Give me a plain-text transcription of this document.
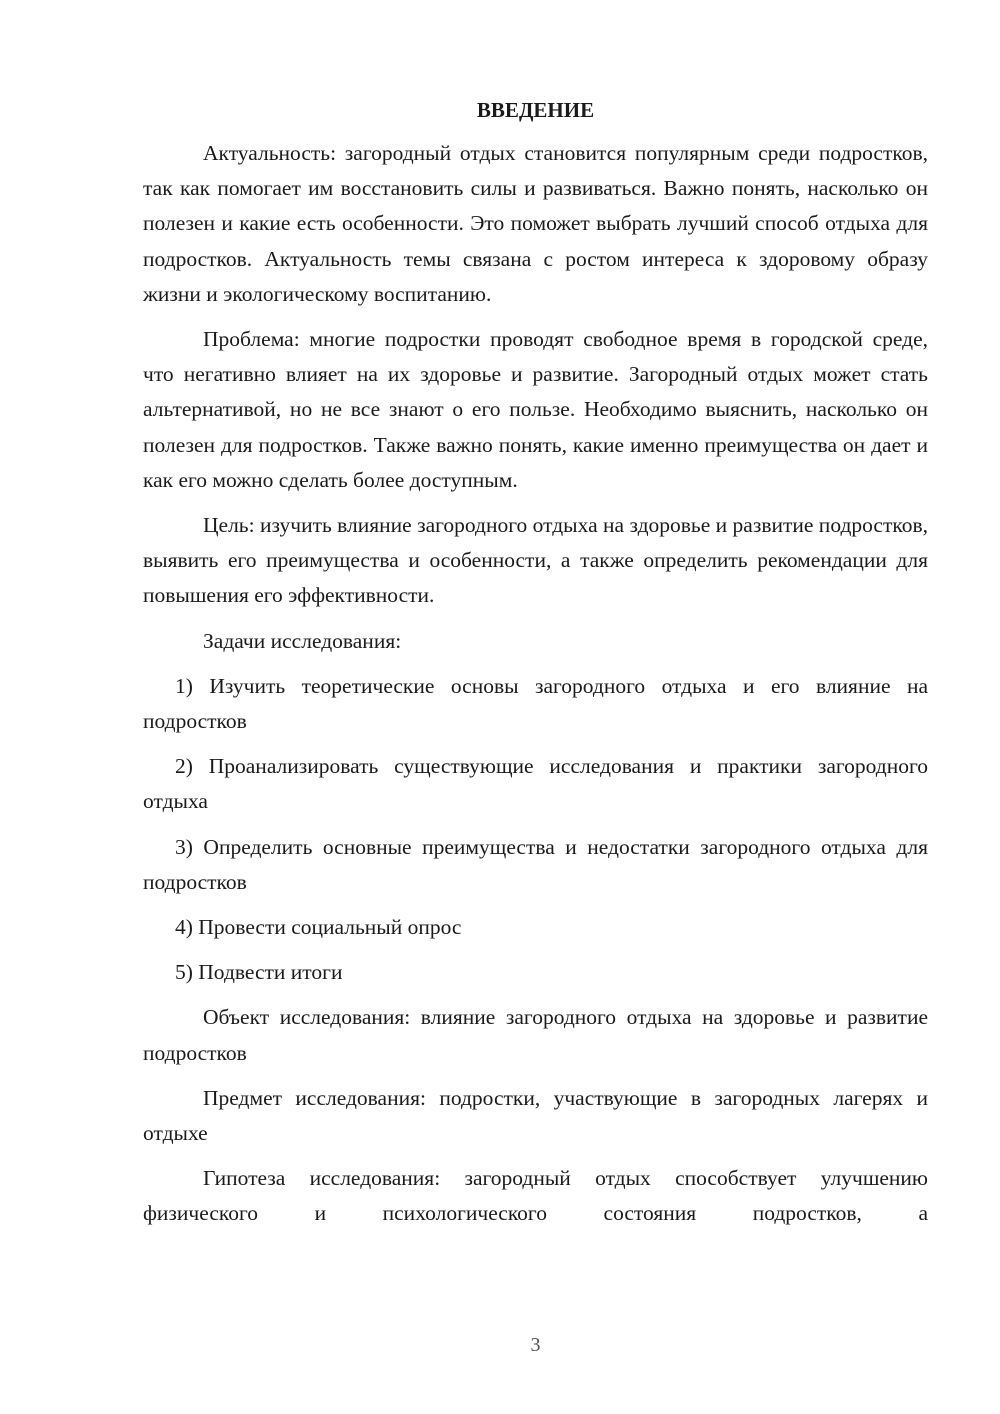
ВВЕДЕНИЕ

Актуальность: загородный отдых становится популярным среди подростков, так как помогает им восстановить силы и развиваться. Важно понять, насколько он полезен и какие есть особенности. Это поможет выбрать лучший способ отдыха для подростков. Актуальность темы связана с ростом интереса к здоровому образу жизни и экологическому воспитанию.

Проблема: многие подростки проводят свободное время в городской среде, что негативно влияет на их здоровье и развитие. Загородный отдых может стать альтернативой, но не все знают о его пользе. Необходимо выяснить, насколько он полезен для подростков. Также важно понять, какие именно преимущества он дает и как его можно сделать более доступным.

Цель: изучить влияние загородного отдыха на здоровье и развитие подростков, выявить его преимущества и особенности, а также определить рекомендации для повышения его эффективности.

Задачи исследования:

1) Изучить теоретические основы загородного отдыха и его влияние на подростков

2) Проанализировать существующие исследования и практики загородного отдыха

3) Определить основные преимущества и недостатки загородного отдыха для подростков

4) Провести социальный опрос

5) Подвести итоги

Объект исследования: влияние загородного отдыха на здоровье и развитие подростков

Предмет исследования: подростки, участвующие в загородных лагерях и отдыхе

Гипотеза исследования: загородный отдых способствует улучшению физического и психологического состояния подростков, а

3
